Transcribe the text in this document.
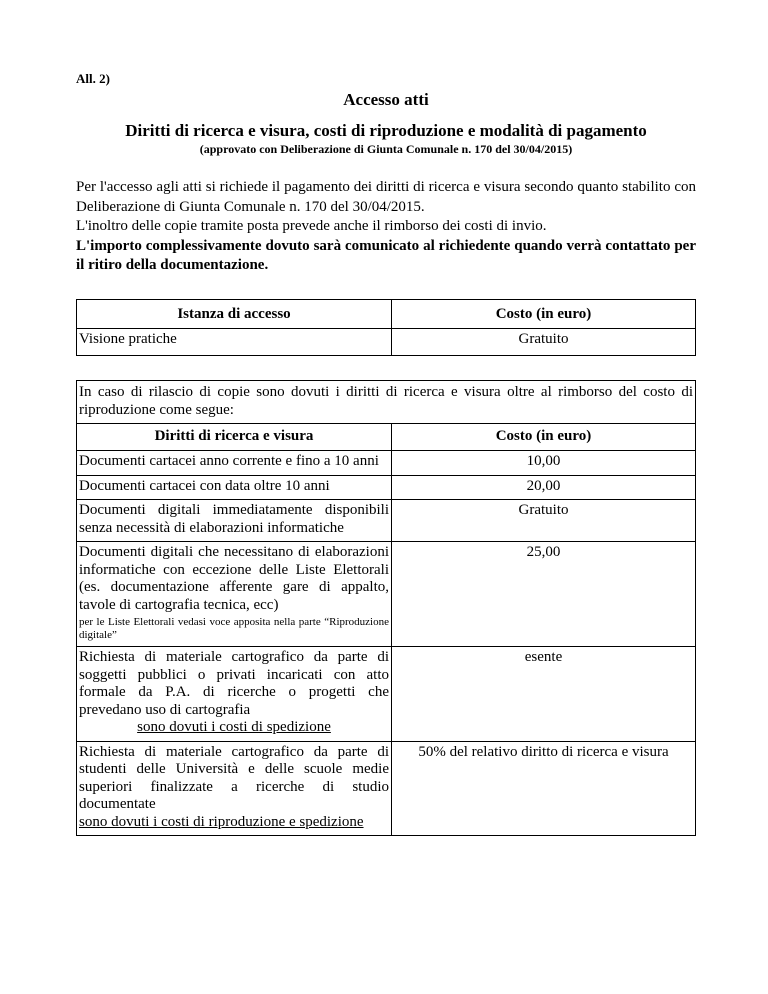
All. 2)
Accesso atti
Diritti di ricerca e visura, costi di riproduzione e modalità di pagamento
(approvato con Deliberazione di Giunta Comunale n. 170 del 30/04/2015)

Per l'accesso agli atti si richiede il pagamento dei diritti di ricerca e visura secondo quanto stabilito con Deliberazione di Giunta Comunale n. 170 del 30/04/2015.

L'inoltro delle copie tramite posta prevede anche il rimborso dei costi di invio.

L'importo complessivamente dovuto sarà comunicato al richiedente quando verrà contattato per il ritiro della documentazione.

Istanza di accesso	Costo (in euro)
Visione pratiche	Gratuito
In caso di rilascio di copie sono dovuti i diritti di ricerca e visura oltre al rimborso del costo di riproduzione come segue:	
Diritti di ricerca e visura	Costo (in euro)
Documenti cartacei anno corrente e fino a 10 anni	10,00
Documenti cartacei con data oltre 10 anni	20,00
Documenti digitali immediatamente disponibili senza necessità di elaborazioni informatiche	Gratuito
Documenti digitali che necessitano di elaborazioni informatiche con eccezione delle Liste Elettorali (es. documentazione afferente gare di appalto, tavole di cartografia tecnica, ecc)
per le Liste Elettorali vedasi voce apposita nella parte “Riproduzione digitale”	25,00
Richiesta di materiale cartografico da parte di soggetti pubblici o privati incaricati con atto formale da P.A. di ricerche o progetti che prevedano uso di cartografia
sono dovuti i costi di spedizione	esente
Richiesta di materiale cartografico da parte di studenti delle Università e delle scuole medie superiori finalizzate a ricerche di studio documentate
sono dovuti i costi di riproduzione e spedizione	50% del relativo diritto di ricerca e visura
